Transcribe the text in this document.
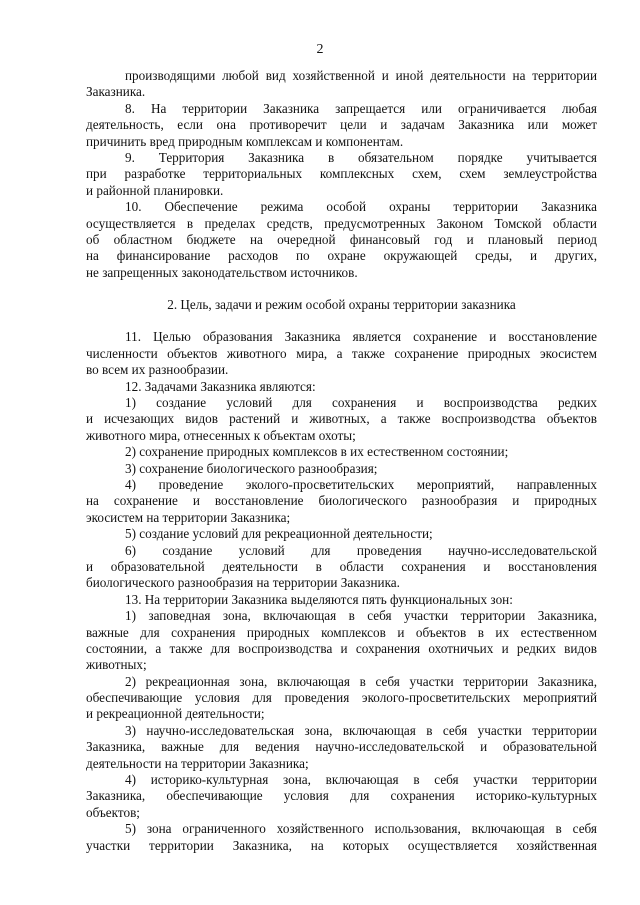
2
производящими любой вид хозяйственной и иной деятельности на территории
Заказника.
8. На территории Заказника запрещается или ограничивается любая
деятельность, если она противоречит цели и задачам Заказника или может
причинить вред природным комплексам и компонентам.
9. Территория Заказника в обязательном порядке учитывается
при разработке территориальных комплексных схем, схем землеустройства
и районной планировки.
10. Обеспечение режима особой охраны территории Заказника
осуществляется в пределах средств, предусмотренных Законом Томской области
об областном бюджете на очередной финансовый год и плановый период
на финансирование расходов по охране окружающей среды, и других,
не запрещенных законодательством источников.
2. Цель, задачи и режим особой охраны территории заказника
11. Целью образования Заказника является сохранение и восстановление
численности объектов животного мира, а также сохранение природных экосистем
во всем их разнообразии.
12. Задачами Заказника являются:
1) создание условий для сохранения и воспроизводства редких
и исчезающих видов растений и животных, а также воспроизводства объектов
животного мира, отнесенных к объектам охоты;
2) сохранение природных комплексов в их естественном состоянии;
3) сохранение биологического разнообразия;
4) проведение эколого-просветительских мероприятий, направленных
на сохранение и восстановление биологического разнообразия и природных
экосистем на территории Заказника;
5) создание условий для рекреационной деятельности;
6) создание условий для проведения научно-исследовательской
и образовательной деятельности в области сохранения и восстановления
биологического разнообразия на территории Заказника.
13. На территории Заказника выделяются пять функциональных зон:
1) заповедная зона, включающая в себя участки территории Заказника,
важные для сохранения природных комплексов и объектов в их естественном
состоянии, а также для воспроизводства и сохранения охотничьих и редких видов
животных;
2) рекреационная зона, включающая в себя участки территории Заказника,
обеспечивающие условия для проведения эколого-просветительских мероприятий
и рекреационной деятельности;
3) научно-исследовательская зона, включающая в себя участки территории
Заказника, важные для ведения научно-исследовательской и образовательной
деятельности на территории Заказника;
4) историко-культурная зона, включающая в себя участки территории
Заказника, обеспечивающие условия для сохранения историко-культурных
объектов;
5) зона ограниченного хозяйственного использования, включающая в себя
участки территории Заказника, на которых осуществляется хозяйственная
